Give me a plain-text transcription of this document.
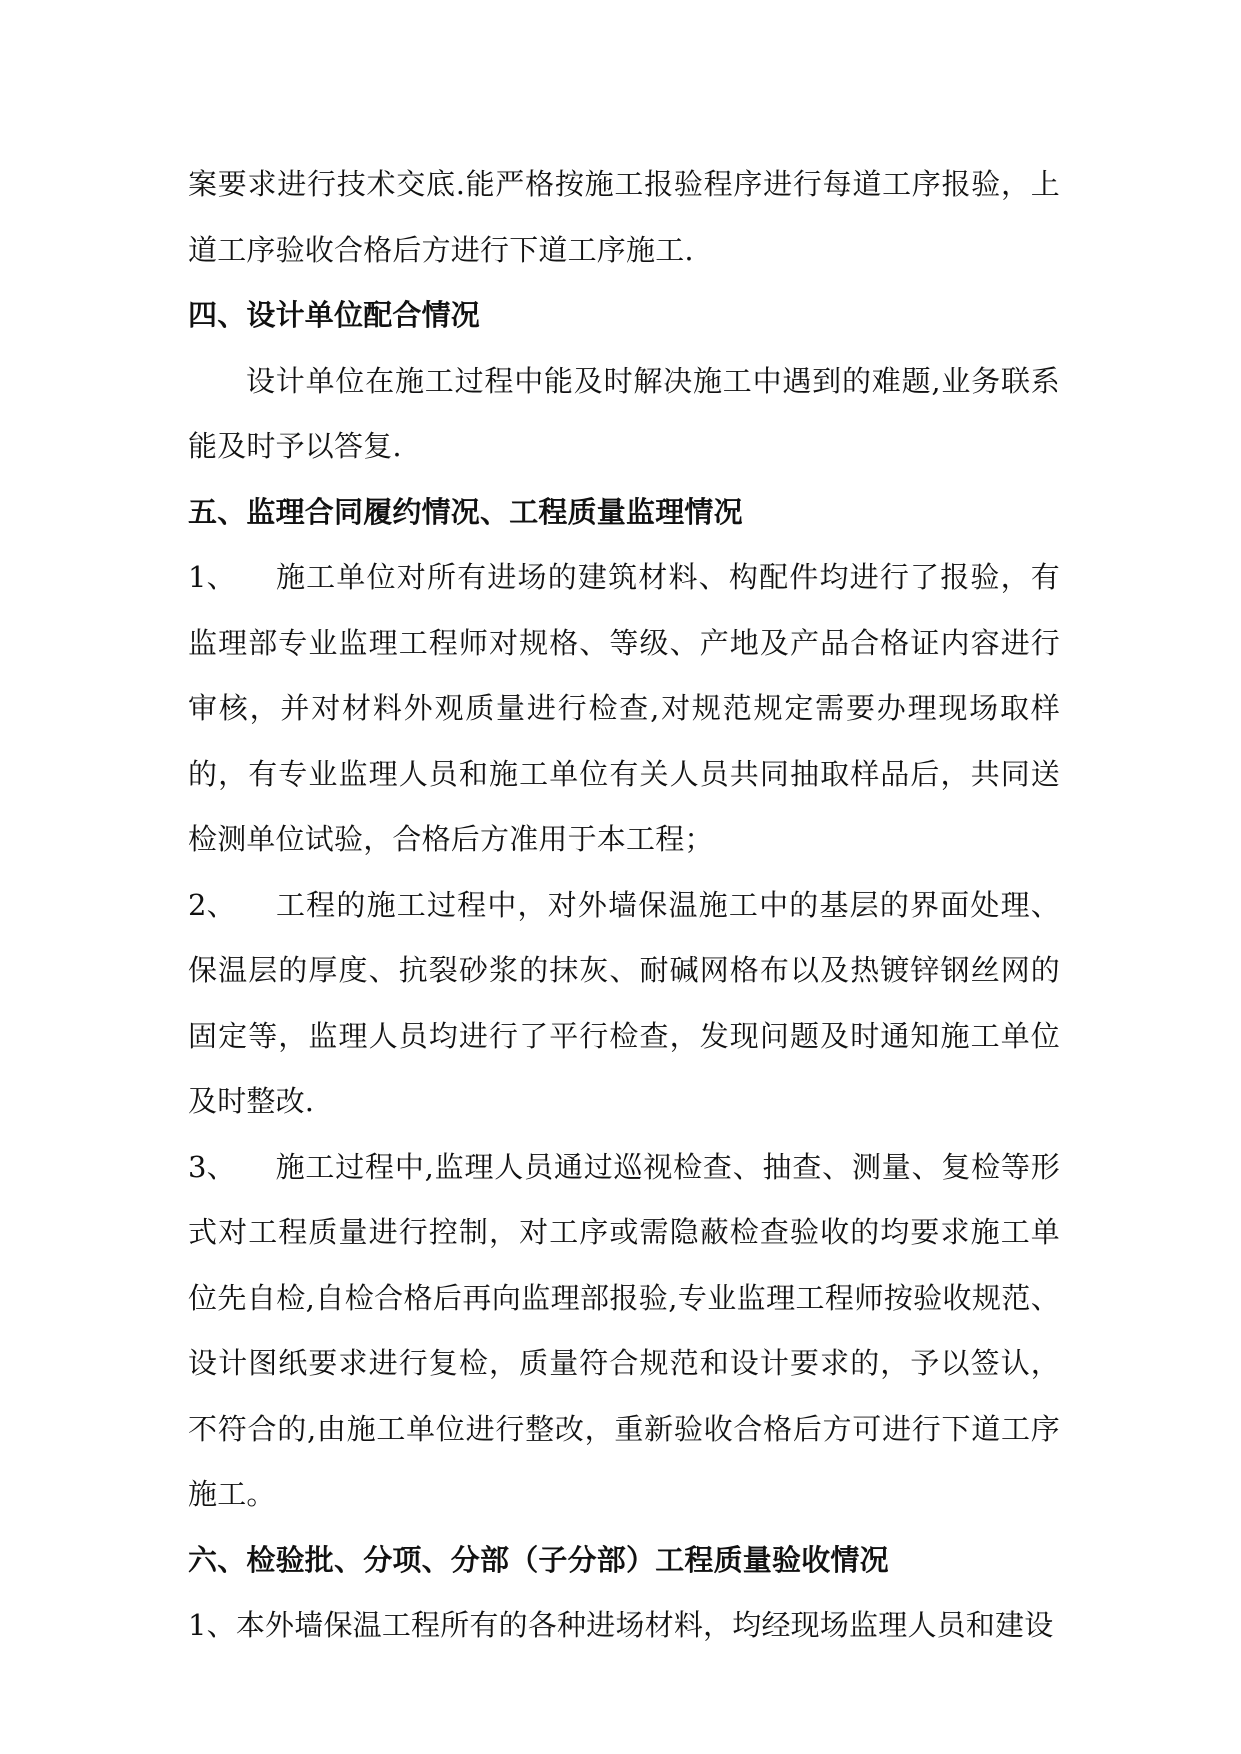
案要求进行技术交底.能严格按施工报验程序进行每道工序报验，上道工序验收合格后方进行下道工序施工.

四、设计单位配合情况

设计单位在施工过程中能及时解决施工中遇到的难题,业务联系能及时予以答复.

五、监理合同履约情况、工程质量监理情况

1、 施工单位对所有进场的建筑材料、构配件均进行了报验，有监理部专业监理工程师对规格、等级、产地及产品合格证内容进行审核，并对材料外观质量进行检查,对规范规定需要办理现场取样的，有专业监理人员和施工单位有关人员共同抽取样品后，共同送检测单位试验，合格后方准用于本工程；

2、 工程的施工过程中，对外墙保温施工中的基层的界面处理、保温层的厚度、抗裂砂浆的抹灰、耐碱网格布以及热镀锌钢丝网的固定等，监理人员均进行了平行检查，发现问题及时通知施工单位及时整改.

3、 施工过程中,监理人员通过巡视检查、抽查、测量、复检等形式对工程质量进行控制，对工序或需隐蔽检查验收的均要求施工单位先自检,自检合格后再向监理部报验,专业监理工程师按验收规范、设计图纸要求进行复检，质量符合规范和设计要求的，予以签认，不符合的,由施工单位进行整改，重新验收合格后方可进行下道工序施工。

六、检验批、分项、分部（子分部）工程质量验收情况

1、本外墙保温工程所有的各种进场材料，均经现场监理人员和建设
